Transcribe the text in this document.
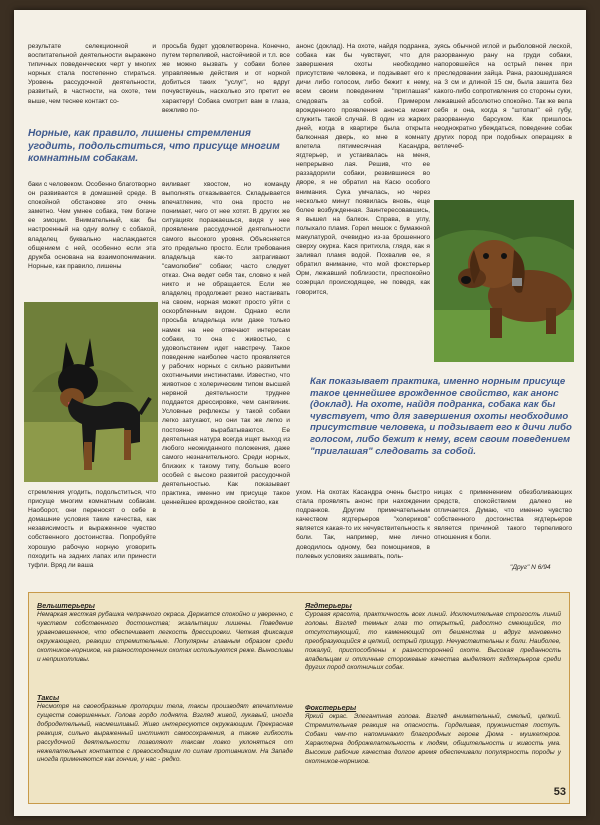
результате селекционной и воспитательной деятельности выражено типичных поведенческих черт у многих норных стала постепенно стираться. Уровень рассудочной деятельности, развитый, в частности, на охоте, тем выше, чем теснее контакт со-
Норные, как правило, лишены стремления угодить, подольститься, что присуще многим комнатным собакам.
баки с человеком. Особенно благотворно он развивается в домашней среде. В спокойной обстановке это очень заметно. Чем умнее собака, тем богаче ее эмоции. Внимательный, как бы настроенный на одну волну с собакой, владелец буквально наслаждается общением с ней, особенно если эта дружба основана на взаимопонимании. Норные, как правило, лишены
стремления угодить, подольститься, что присуще многим комнатным собакам. Наоборот, они переносят о себе в домашние условия такие качества, как независимость и выраженное чувство собственного достоинства. Попробуйте хорошую рабочую норную уговорить походить на задних лапах или принести туфли. Вряд ли ваша
просьба будет удовлетворена. Конечно, путем терпеливой, настойчивой и т.п. все же можно вызвать у собаки более управляемые действия и от норной добиться таких "услуг", но вдруг почувствуешь, насколько это претит ее характеру! Собака смотрит вам в глаза, вежливо по-
виливает хвостом, но команду выполнять отказывается. Складывается впечатление, что она просто не понимает, чего от нее хотят. В других же ситуациях поражаешься, видя у нее проявление рассудочной деятельности самого высокого уровня. Объясняется это предельно просто. Если требования владельца как-то затрагивают "самолюбие" собаки; часто следует отказ. Она ведет себя так, словно к ней никто и не обращается. Если же владелец продолжает резко настаивать на своем, норная может просто уйти с оскорбленным видом. Однако если просьба владельца или даже только намек на нее отвечают интересам собаки, то она с живостью, с удовольствием идет навстречу. Такое поведение наиболее часто проявляется у рабочих норных с сильно развитыми охотничьими инстинктами. Известно, что животное с холерическим типом высшей нервной деятельности труднее поддается дрессировке, чем сангвиник. Условные рефлексы у такой собаки легко затухают, но они так же легко и постоянно вырабатываются. Ее деятельная натура всегда ищет выход из любого неожиданного положения, даже самого незначительного. Среди норных, близких к такому типу, больше всего особей с высоко развитой рассудочной деятельностью. Как показывает практика, именно им присуще такое ценнейшее врожденное свойство, как
анонс (доклад). На охоте, найдя подранка, собака как бы чувствует, что для завершения охоты необходимо присутствие человека, и подзывает его к дичи либо голосом, либо бежит к нему, всем своим поведением "приглашая" следовать за собой. Примером врожденного проявления анонса может служить такой случай. В один из жарких дней, когда в квартире была открыта балконная дверь, ко мне в комнату влетела пятимесячная Касандра, ягдтерьер, и устаивалась на меня, непрерывно лая. Решив, что ее раззадорили собаки, резвившиеся во дворе, я не обратил на Касю особого внимания. Сука умчалась, но через несколько минут появилась вновь, еще более возбужденная. Заинтересовавшись, я вышел на балкон. Справа, в углу, полыхало пламя. Горел мешок с бумажной макулатурой, очевидно из-за брошенного сверху окурка. Кася притихла, глядя, как я заливал пламя водой. Похвалив ее, я обратил внимание, что мой фокстерьер Орм, лежавший поблизости, преспокойно созерцал происходящее, не поведя, как говорится,
зуясь обычной иглой и рыболовной леской, разорванную рану на груди собаки, напоровшейся на острый пенек при преследовании зайца. Рана, разошедшаяся на 3 см и длиной 15 см, была зашита без какого-либо сопротивления со стороны суки, лежавшей абсолютно спокойно. Так же вела себя и она, когда я "штопал" ей губу, разорванную барсуком. Как пришлось неоднократно убеждаться, поведение собак других пород при подобных операциях в ветлечеб-
Как показывает практика, именно норным присуще такое ценнейшее врожденное свойство, как анонс (доклад). На охоте, найдя подранка, собака как бы чувствует, что для завершения охоты необходимо присутствие человека, и подзывает его к дичи либо голосом, либо бежит к нему, всем своим поведением "приглашая" следовать за собой.
ухом. На охотах Касандра очень быстро стала проявлять анонс при нахождении подранков. Другим примечательным качеством ягдтерьеров "холериков" является какая-то их нечувствительность к боли. Так, например, мне лично доводилось одному, без помощников, в полевых условиях зашивать, поль-
ницах с применением обезболивающих средств, спокойствием далеко не отличается. Думаю, что именно чувство собственного достоинства ягдтерьеров является причиной такого терпеливого отношения к боли.
"Друг" N 6/94
Вельштерьеры
Немаркая жесткая рубашка чепрачного окраса. Держатся спокойно и уверенно, с чувством собственного достоинства; экзальтации лишены. Поведение уравновешенное, что обеспечивает легкость дрессировки. Четкая фиксация окружающего, реакции стремительные. Популярны главным образом среди охотников-норников, на разностороннних охотах используются реже. Выносливы и неприхотливы.
Таксы
Несмотря на своеобразные пропорции тела, таксы производят впечатление существ совершенных. Голова гордо поднята. Взгляд живой, лукавый, иногда добродетельный, насмешливый. Живо интересуются окружающим. Прекрасная реакция, сильно выраженный инстинкт самосохранения, а также гибкость рассудочной деятельности позволяют таксам ловко уклоняться от нежелательных контактов с превосходящим по силам противником. На Западе иногда применяются как гончие, у нас - редко.
Ягдтерьеры
Суровая красота, практичность всех линий. Исключительная строгость линий головы. Взгляд темных глаз то открытый, радостно смеющийся, то отсутствующий, то каменеющий от бешенства и вдруг мгновенно преобразующийся в цепкий, острый прищур. Нечувствительны к боли. Наиболее, пожалуй, приспособлены к разносторонней охоте. Высокая преданность владельцам и отличные сторожевые качества выделяют ягдтерьеров среди других пород охотничьих собак.
Фокстерьеры
Яркий окрас. Элегантная голова. Взгляд внимательный, смелый, цепкий. Стремительная реакция на опасность. Горделивая, пружинистая поступь. Собаки чем-то напоминают благородных героев Дюма - мушкетеров. Характерна доброжелательность к людям, общительность и живость ума. Высокие рабочие качества долгое время обеспечивали популярность породы у охотников-норников.
53
